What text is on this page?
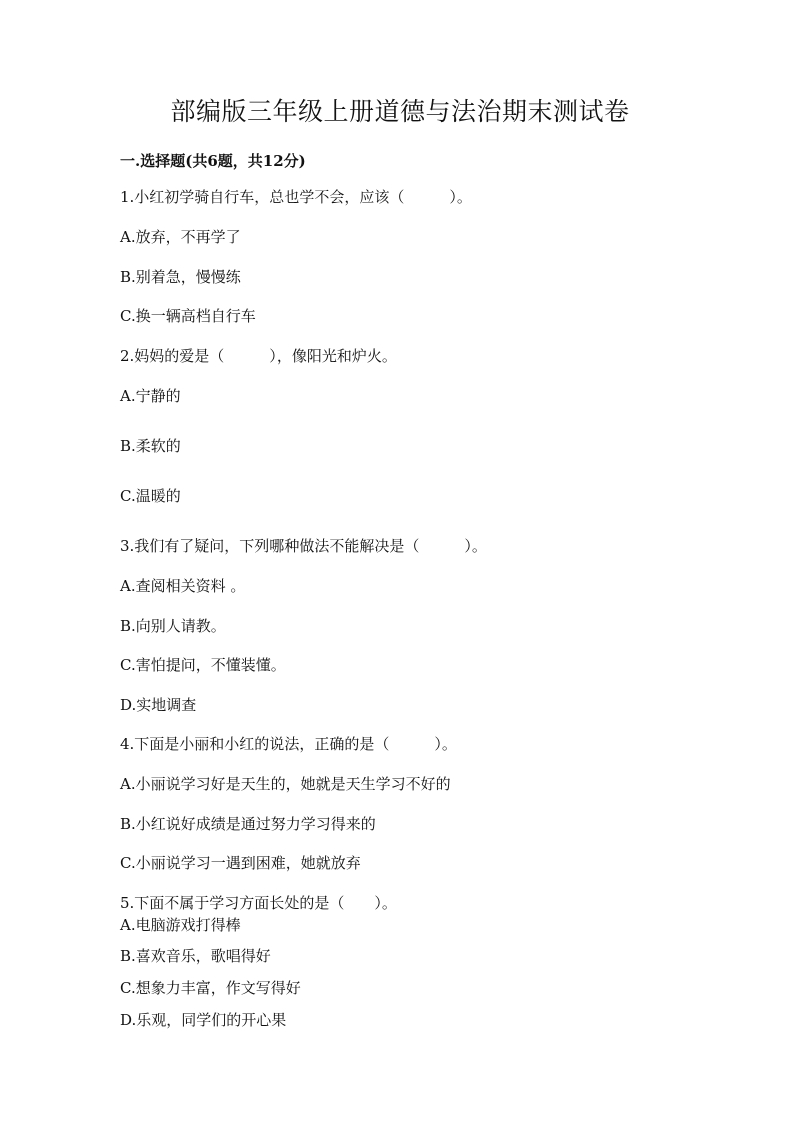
部编版三年级上册道德与法治期末测试卷
一.选择题(共6题，共12分)
1.小红初学骑自行车，总也学不会，应该（　　　）。
A.放弃，不再学了
B.别着急，慢慢练
C.换一辆高档自行车
2.妈妈的爱是（　　　），像阳光和炉火。
A.宁静的
B.柔软的
C.温暖的
3.我们有了疑问，下列哪种做法不能解决是（　　　）。
A.查阅相关资料 。
B.向别人请教。
C.害怕提问，不懂装懂。
D.实地调查
4.下面是小丽和小红的说法，正确的是（　　　）。
A.小丽说学习好是天生的，她就是天生学习不好的
B.小红说好成绩是通过努力学习得来的
C.小丽说学习一遇到困难，她就放弃
5.下面不属于学习方面长处的是（　　）。
A.电脑游戏打得棒
B.喜欢音乐，歌唱得好
C.想象力丰富，作文写得好
D.乐观，同学们的开心果
